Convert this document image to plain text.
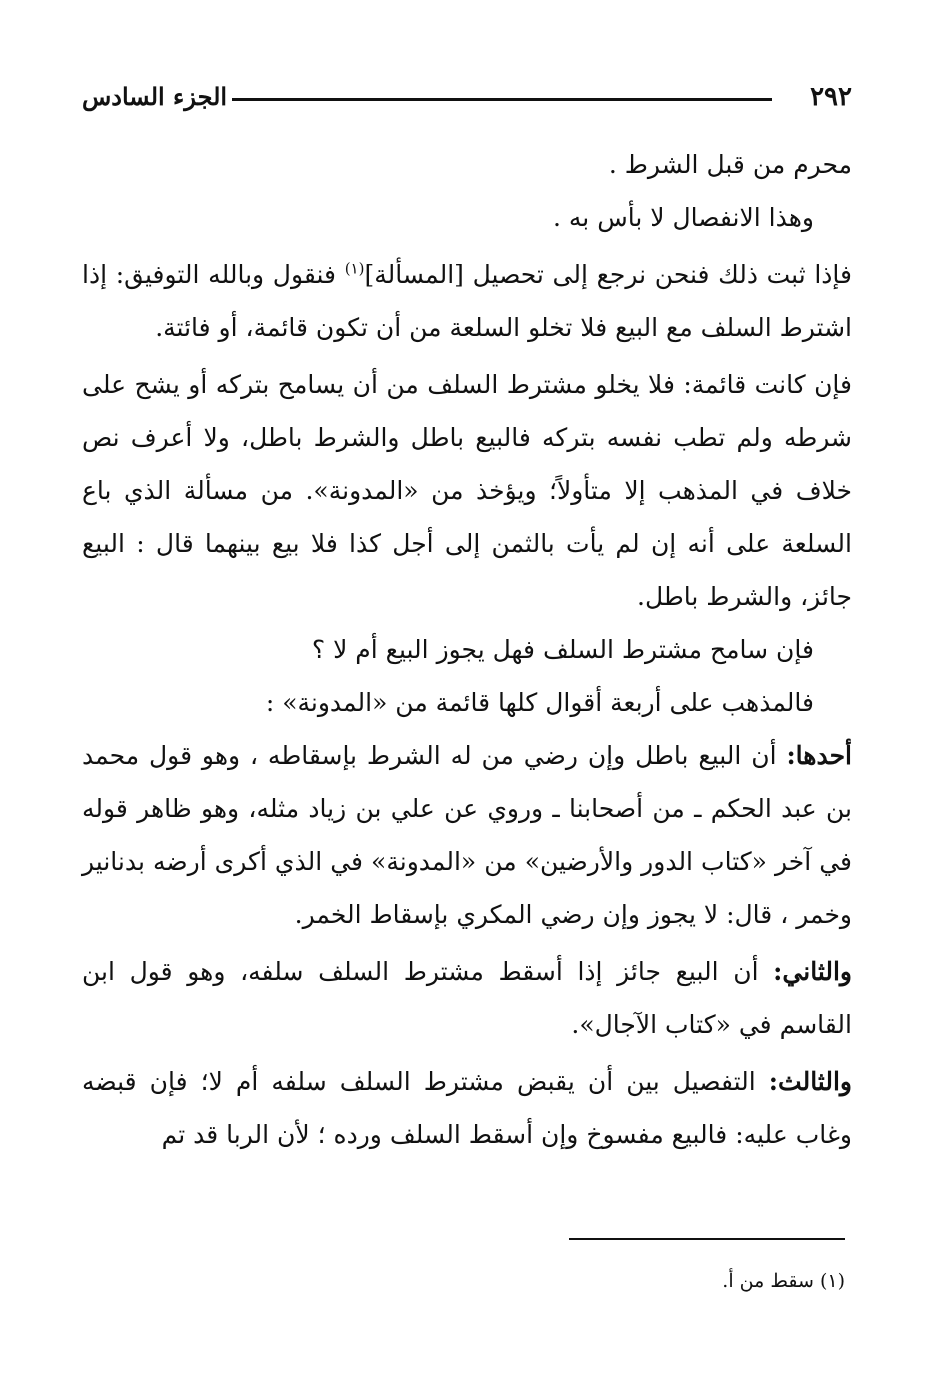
٢٩٢
الجزء السادس

محرم من قبل الشرط .

وهذا الانفصال لا بأس به .

فإذا ثبت ذلك فنحن نرجع إلى تحصيل [المسألة]$^{(١)}$ فنقول وبالله التوفيق: إذا اشترط السلف مع البيع فلا تخلو السلعة من أن تكون قائمة، أو فائتة.

فإن كانت قائمة: فلا يخلو مشترط السلف من أن يسامح بتركه أو يشح على شرطه ولم تطب نفسه بتركه فالبيع باطل والشرط باطل، ولا أعرف نص خلاف في المذهب إلا متأولاً؛ ويؤخذ من «المدونة». من مسألة الذي باع السلعة على أنه إن لم يأت بالثمن إلى أجل كذا فلا بيع بينهما قال : البيع جائز، والشرط باطل.

فإن سامح مشترط السلف فهل يجوز البيع أم لا ؟

فالمذهب على أربعة أقوال كلها قائمة من «المدونة» :

أحدها: أن البيع باطل وإن رضي من له الشرط بإسقاطه ، وهو قول محمد بن عبد الحكم ـ من أصحابنا ـ وروي عن علي بن زياد مثله، وهو ظاهر قوله في آخر «كتاب الدور والأرضين» من «المدونة» في الذي أكرى أرضه بدنانير وخمر ، قال: لا يجوز وإن رضي المكري بإسقاط الخمر.

والثاني: أن البيع جائز إذا أسقط مشترط السلف سلفه، وهو قول ابن القاسم في «كتاب الآجال».

والثالث: التفصيل بين أن يقبض مشترط السلف سلفه أم لا؛ فإن قبضه وغاب عليه: فالبيع مفسوخ وإن أسقط السلف ورده ؛ لأن الربا قد تم

(١) سقط من أ.
